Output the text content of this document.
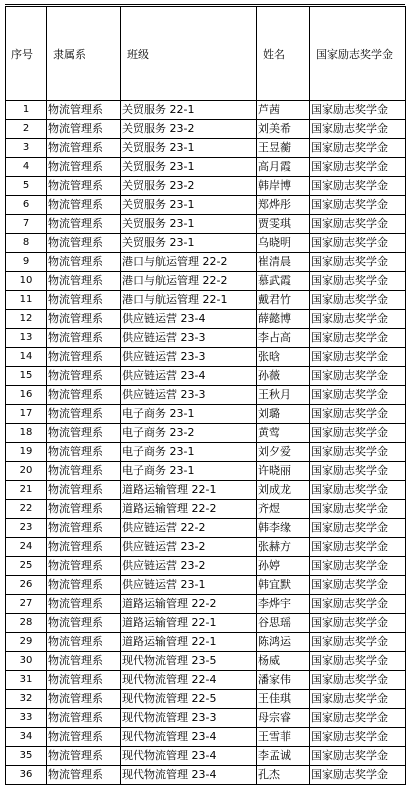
序号	隶属系	班级	姓名	国家励志奖学金
1	物流管理系	关贸服务 22-1	芦茜	国家励志奖学金
2	物流管理系	关贸服务 23-2	刘美希	国家励志奖学金
3	物流管理系	关贸服务 23-1	王昱蘅	国家励志奖学金
4	物流管理系	关贸服务 23-1	高月霞	国家励志奖学金
5	物流管理系	关贸服务 23-2	韩岸博	国家励志奖学金
6	物流管理系	关贸服务 23-1	郑烨彤	国家励志奖学金
7	物流管理系	关贸服务 23-1	贾雯琪	国家励志奖学金
8	物流管理系	关贸服务 23-1	乌晓明	国家励志奖学金
9	物流管理系	港口与航运管理 22-2	崔清晨	国家励志奖学金
10	物流管理系	港口与航运管理 22-2	慕武霞	国家励志奖学金
11	物流管理系	港口与航运管理 22-1	戴君竹	国家励志奖学金
12	物流管理系	供应链运营 23-4	薛懿博	国家励志奖学金
13	物流管理系	供应链运营 23-3	李占高	国家励志奖学金
14	物流管理系	供应链运营 23-3	张晗	国家励志奖学金
15	物流管理系	供应链运营 23-4	孙薇	国家励志奖学金
16	物流管理系	供应链运营 23-3	王秋月	国家励志奖学金
17	物流管理系	电子商务 23-1	刘璐	国家励志奖学金
18	物流管理系	电子商务 23-2	黄莺	国家励志奖学金
19	物流管理系	电子商务 23-1	刘夕爱	国家励志奖学金
20	物流管理系	电子商务 23-1	许晓丽	国家励志奖学金
21	物流管理系	道路运输管理 22-1	刘成龙	国家励志奖学金
22	物流管理系	道路运输管理 22-2	齐煜	国家励志奖学金
23	物流管理系	供应链运营 22-2	韩李缘	国家励志奖学金
24	物流管理系	供应链运营 23-2	张赫方	国家励志奖学金
25	物流管理系	供应链运营 23-2	孙婷	国家励志奖学金
26	物流管理系	供应链运营 23-1	韩宜默	国家励志奖学金
27	物流管理系	道路运输管理 22-2	李烨宇	国家励志奖学金
28	物流管理系	道路运输管理 22-1	谷思瑶	国家励志奖学金
29	物流管理系	道路运输管理 22-1	陈鸿运	国家励志奖学金
30	物流管理系	现代物流管理 23-5	杨威	国家励志奖学金
31	物流管理系	现代物流管理 22-4	潘家伟	国家励志奖学金
32	物流管理系	现代物流管理 22-5	王佳琪	国家励志奖学金
33	物流管理系	现代物流管理 23-3	母宗睿	国家励志奖学金
34	物流管理系	现代物流管理 23-4	王雪菲	国家励志奖学金
35	物流管理系	现代物流管理 23-4	李孟诚	国家励志奖学金
36	物流管理系	现代物流管理 23-4	孔杰	国家励志奖学金
